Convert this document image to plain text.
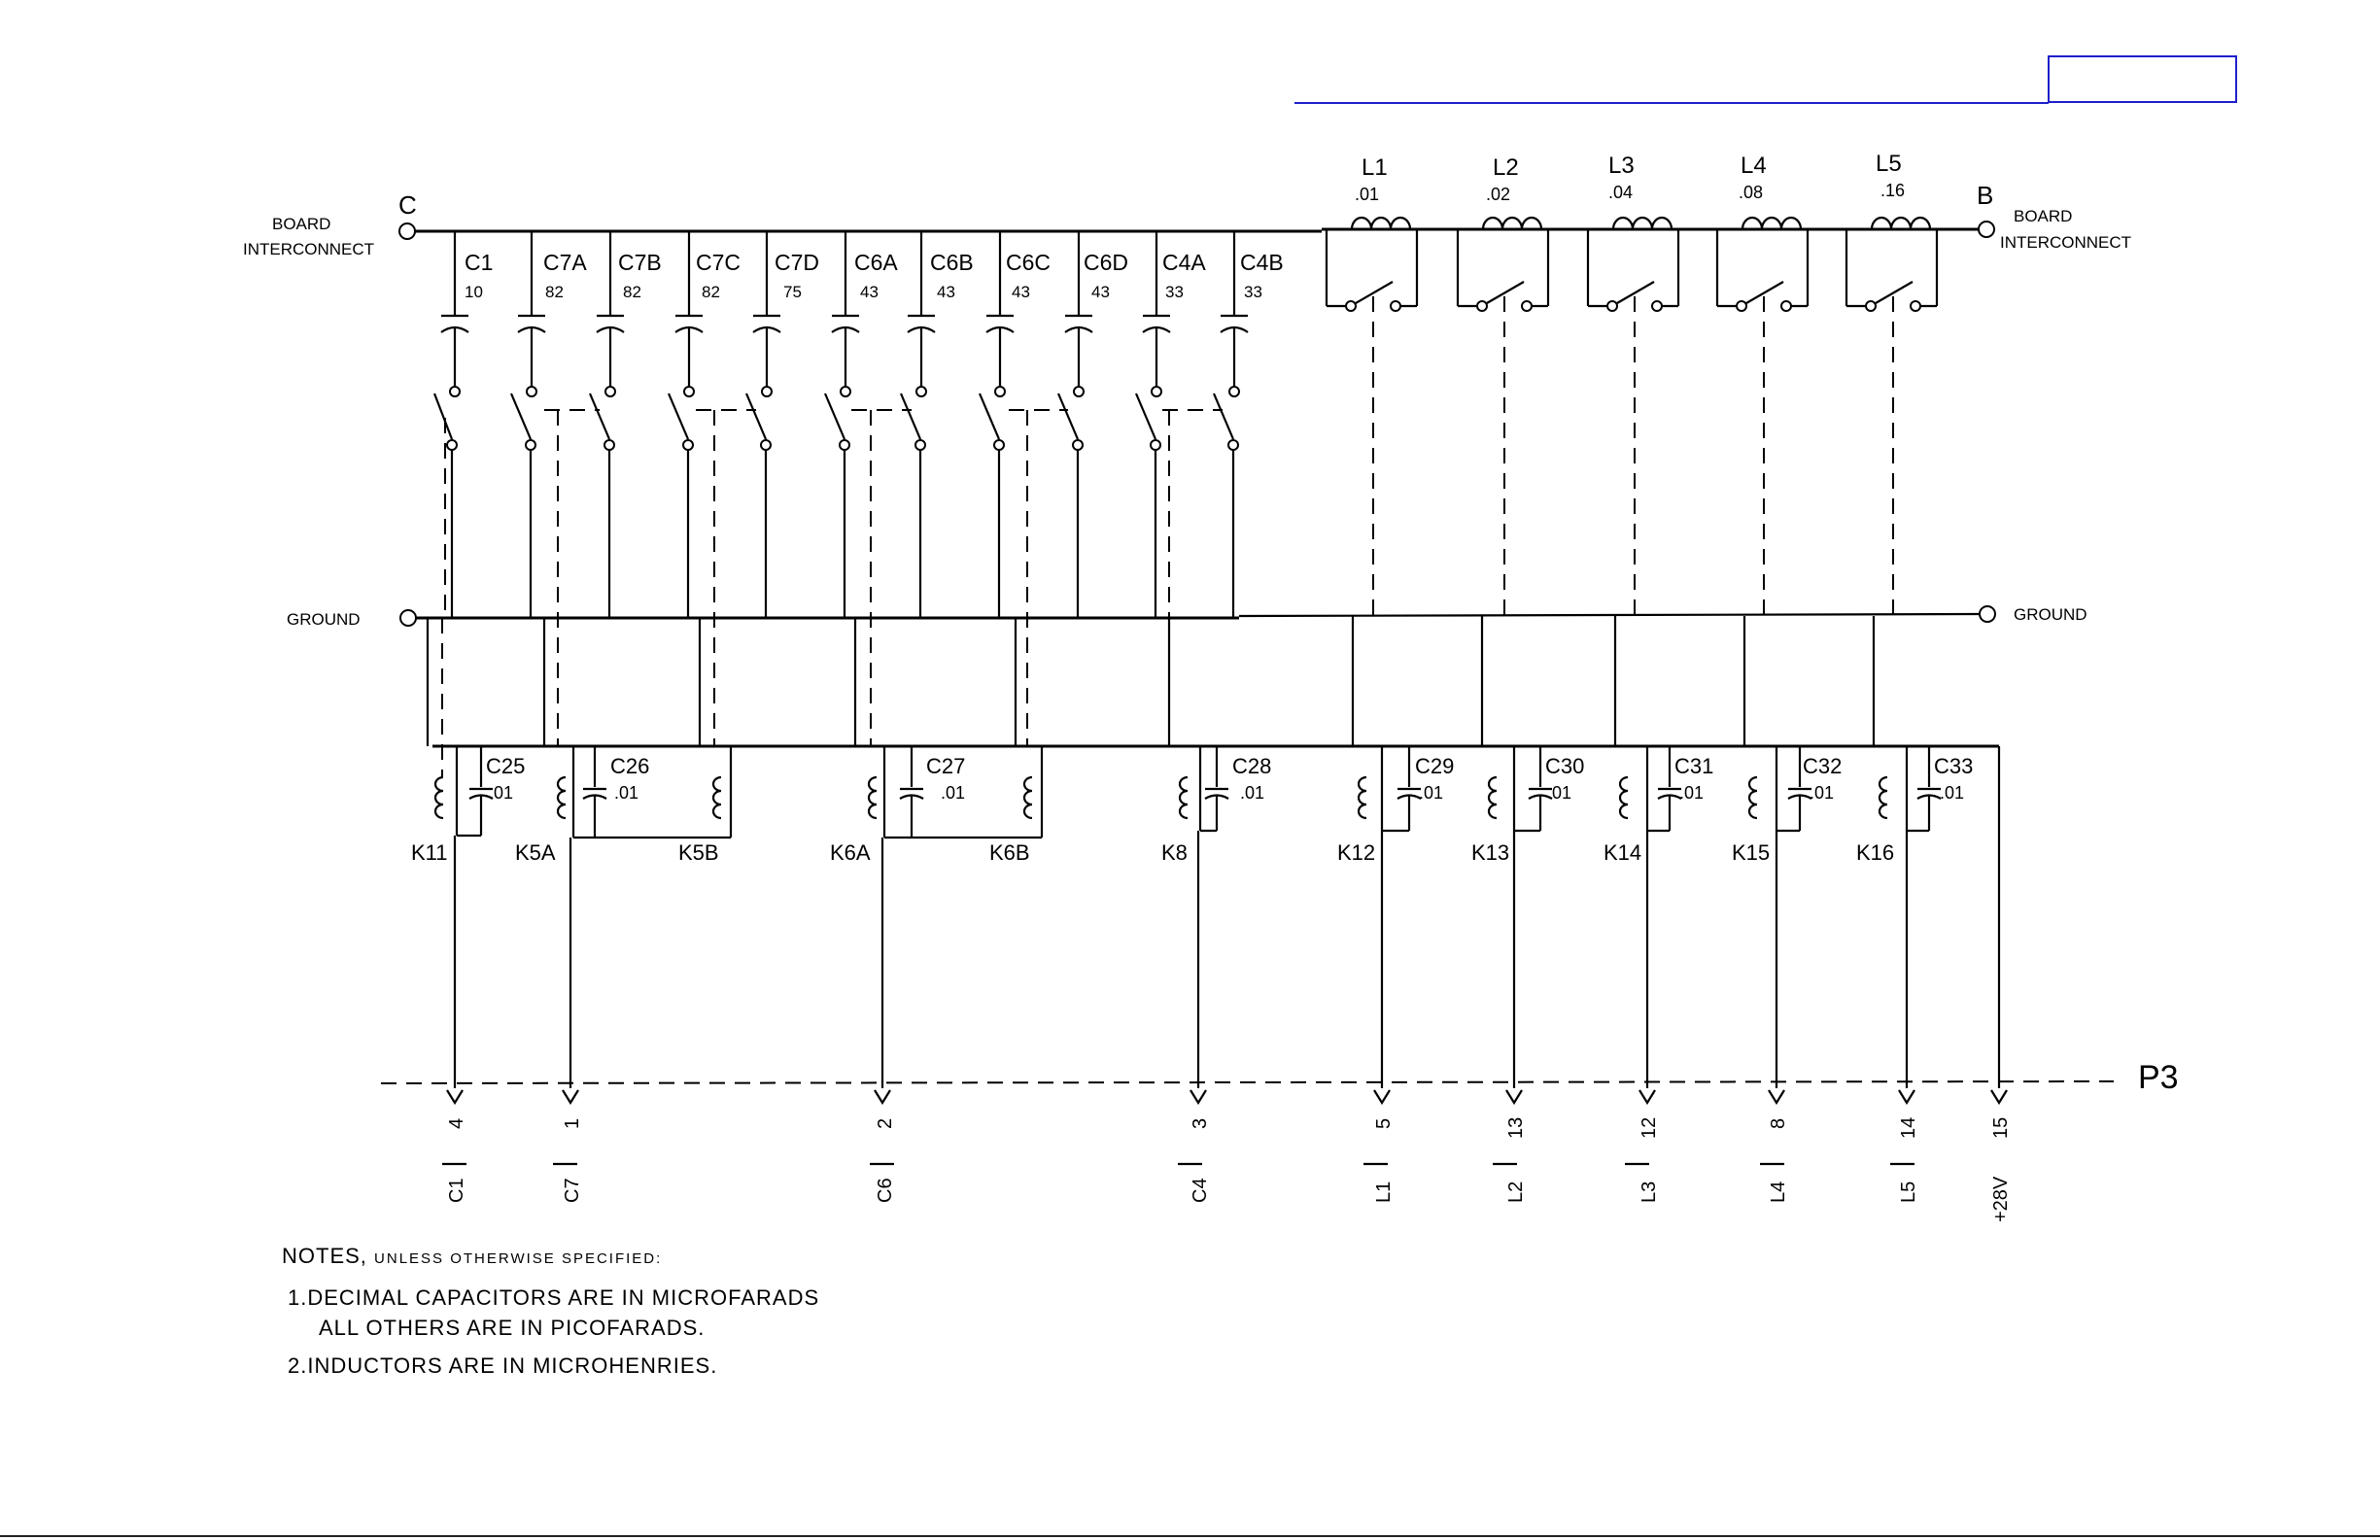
BOARD
INTERCONNECT
C
GROUND
BOARD
INTERCONNECT
B
GROUND
P3
C1
10
C7A
82
C7B
82
C7C
82
C7D
75
C6A
43
C6B
43
C6C
43
C6D
43
C4A
33
C4B
33
L1
.01
L2
.02
L3
.04
L4
.08
L5
.16
K11
C25
.01
K5A	K5B
C26
.01
K6A	K6B
C27
.01
K8
C28
.01
K12
C29
.01
K13
C30
.01
K14
C31
.01
K15
C32
.01
K16
C33
.01
4
C1
1
C7
2
C6
3
C4
5
L1
13
L2
12
L3
8
L4
14
L5
15
+28V
NOTES, UNLESS OTHERWISE SPECIFIED:
1.DECIMAL CAPACITORS ARE IN MICROFARADS
ALL OTHERS ARE IN PICOFARADS.
2.INDUCTORS ARE IN MICROHENRIES.
